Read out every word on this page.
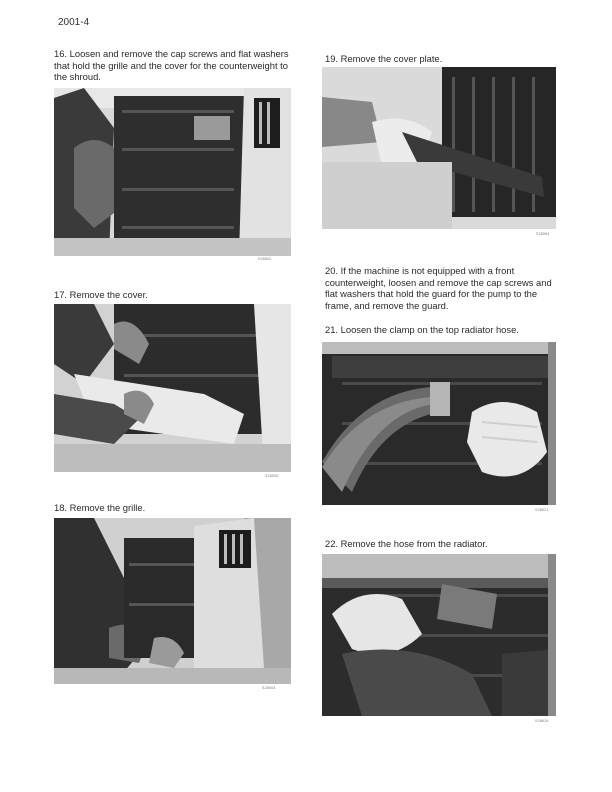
2001-4
16. Loosen and remove the cap screws and flat washers that hold the grille and the cover for the counterweight to the shroud.
S28502
17. Remove the cover.
S28506
18. Remove the grille.
S28504
19. Remove the cover plate.
S28584
20. If the machine is not equipped with a front counterweight, loosen and remove the cap screws and flat washers that hold the guard for the pump to the frame, and remove the guard.
21. Loosen the clamp on the top radiator hose.
S28621
22. Remove the hose from the radiator.
S28626
